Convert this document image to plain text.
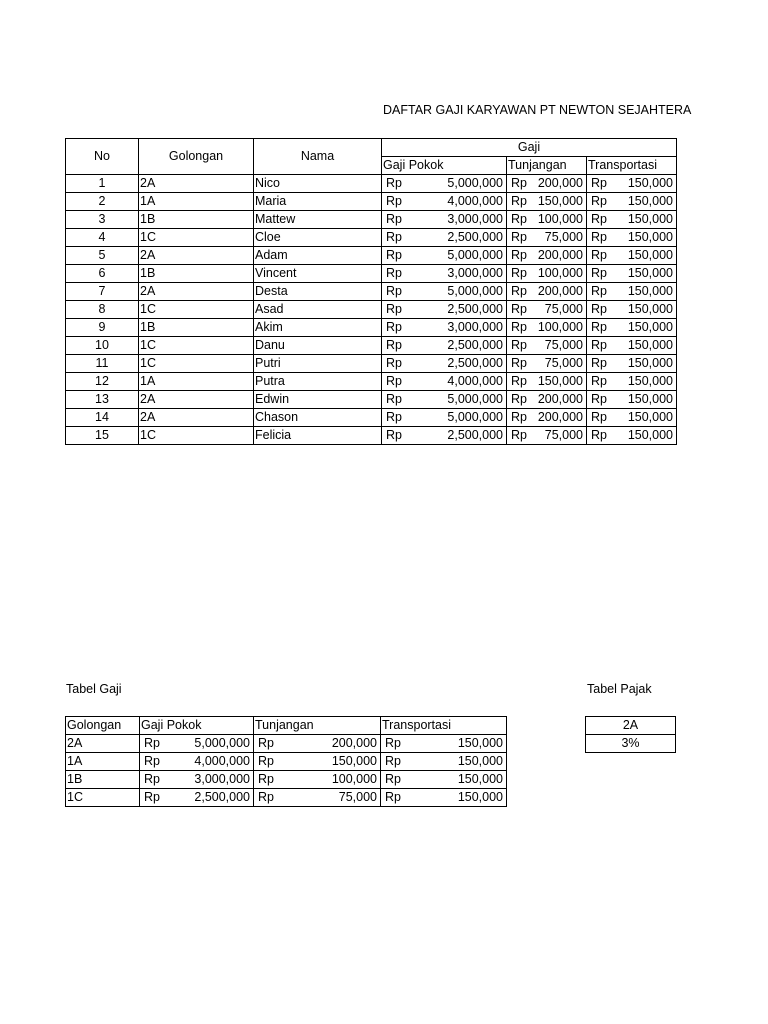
DAFTAR GAJI KARYAWAN PT NEWTON SEJAHTERA
No	Golongan	Nama	Gaji		
			Gaji Pokok	Tunjangan	Transportasi
1	2A	Nico	Rp 5,000,000	Rp 200,000	Rp 150,000

2	1A	Maria	Rp 4,000,000	Rp 150,000	Rp 150,000

3	1B	Mattew	Rp 3,000,000	Rp 100,000	Rp 150,000

4	1C	Cloe	Rp 2,500,000	Rp 75,000	Rp 150,000

5	2A	Adam	Rp 5,000,000	Rp 200,000	Rp 150,000

6	1B	Vincent	Rp 3,000,000	Rp 100,000	Rp 150,000

7	2A	Desta	Rp 5,000,000	Rp 200,000	Rp 150,000

8	1C	Asad	Rp 2,500,000	Rp 75,000	Rp 150,000

9	1B	Akim	Rp 3,000,000	Rp 100,000	Rp 150,000

10	1C	Danu	Rp 2,500,000	Rp 75,000	Rp 150,000

11	1C	Putri	Rp 2,500,000	Rp 75,000	Rp 150,000

12	1A	Putra	Rp 4,000,000	Rp 150,000	Rp 150,000

13	2A	Edwin	Rp 5,000,000	Rp 200,000	Rp 150,000

14	2A	Chason	Rp 5,000,000	Rp 200,000	Rp 150,000

15	1C	Felicia	Rp 2,500,000	Rp 75,000	Rp 150,000
Tabel Gaji	Tabel Pajak
Golongan	Gaji Pokok	Tunjangan	Transportasi
2A	Rp 5,000,000	Rp 200,000	Rp 150,000

1A	Rp 4,000,000	Rp 150,000	Rp 150,000

1B	Rp 3,000,000	Rp 100,000	Rp 150,000

1C	Rp 2,500,000	Rp 75,000	Rp 150,000
2A
3%
